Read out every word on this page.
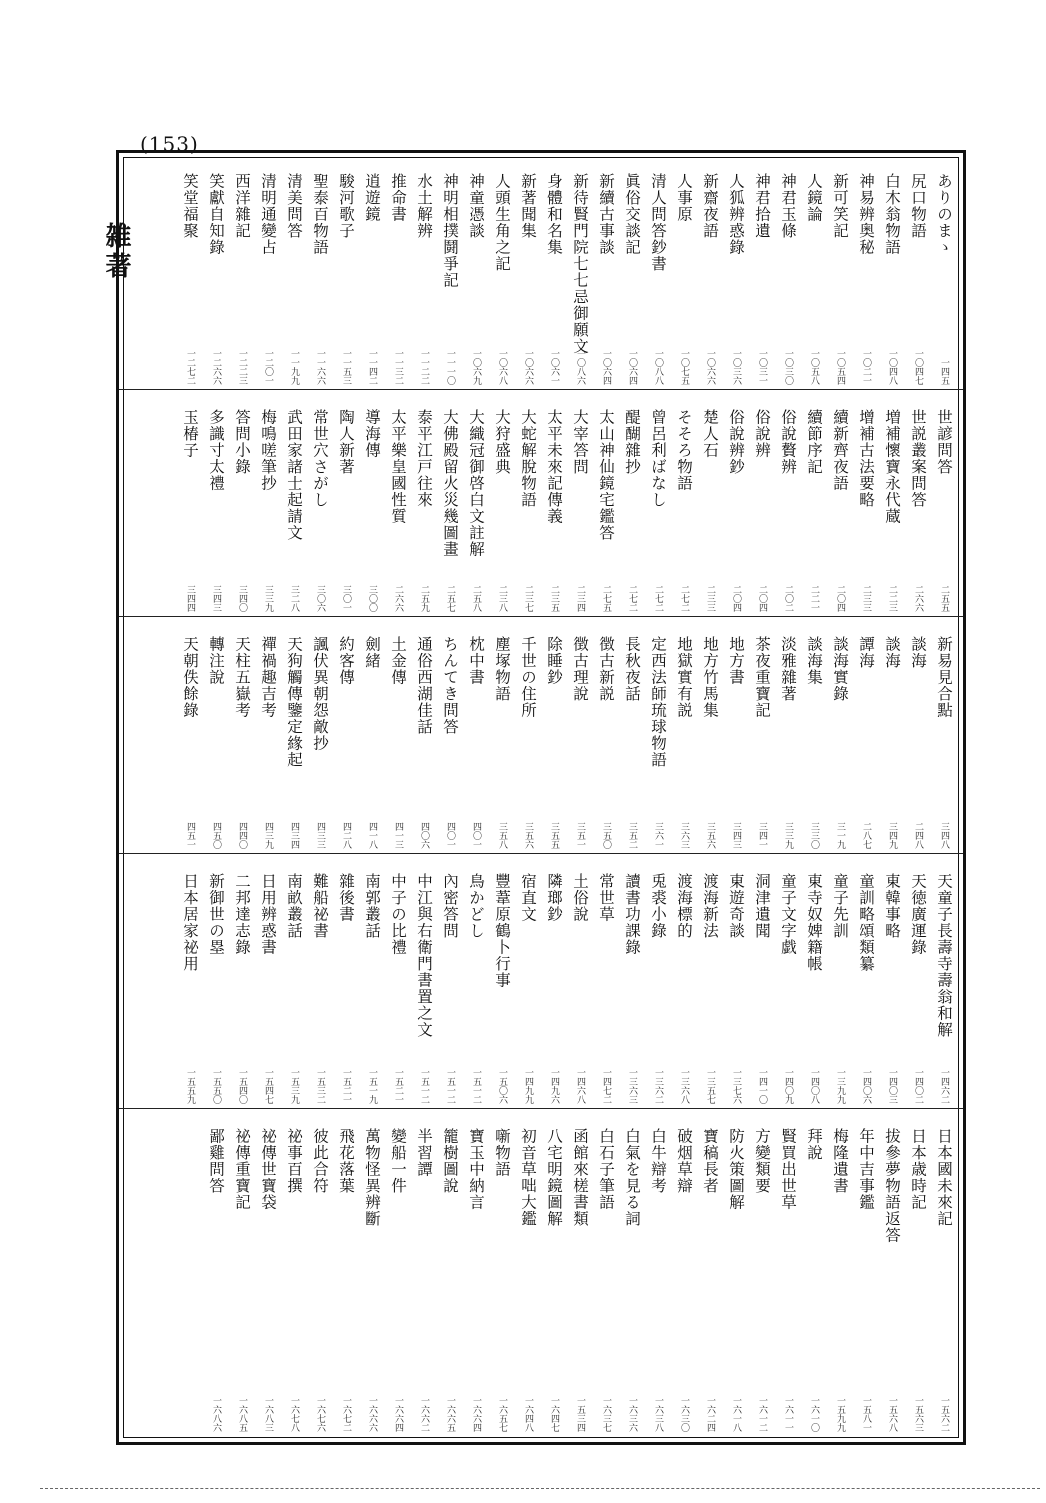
(153)
雑著	ありのまゝ
一四五
世諺問答
二五五
新易見合點
三四八
天童子長壽寺壽翁和解
一四六二
日本國未來記
一五六二
尻口物語
一〇四七
世説叢案問答
二六六
談海
二四八
天徳廣運錄
一四〇二
日本歳時記
一五六三
白木翁物語
一〇四八
増補懷寶永代蔵
二二三
談海
三四九
東韓事略
一四〇三
拔參夢物語返答
一五六八
神易辨奥秘
一〇二一
增補古法要略
二三三
譚海
二八七
童訓略頌類纂
一四〇六
年中吉事鑑
一五八一
新可笑記
一〇五四
續新齊夜語
二〇四
談海實錄
三一九
童子先訓
一三九九
梅隆遺書
一五九九
人鏡論
一〇五八
續節序記
二二一
談海集
三三〇
東寺奴婢籍帳
一四〇八
拜說
一六一〇
神君玉條
一〇三〇
俗說贅辨
二〇二
淡雅雜著
三三九
童子文字戯
一四〇九
賢買出世草
一六一一
神君拾遺
一〇三一
俗說辨
二〇四
茶夜重寶記
三四一
洞津遺聞
一四一〇
方變類要
一六一二
人狐辨惑錄
一〇三六
俗說辨鈔
二〇四
地方書
三四三
東遊奇談
一三七六
防火策圖解
一六一八
新齋夜語
一〇六六
楚人石
二三三
地方竹馬集
三五六
渡海新法
一三五七
寶稿長者
一六二四
人事原
一〇七五
そそろ物語
二七二
地獄實有説
三六三
渡海標的
一三六八
破烟草辯
一六三〇
清人問答鈔書
一〇八八
曾呂利ばなし
二七二
定西法師琉球物語
三六一
兎裘小錄
一三六二
白牛辯考
一六三八
眞俗交談記
一〇六四
醍醐雜抄
二七二
長秋夜話
三五二
讀書功課錄
一三六三
白氣を見る詞
一六三六
新續古事談
一〇六四
太山神仙鏡宅鑑答
二七五
徴古新説
三五〇
常世草
一四七二
白石子筆語
一六三七
新待賢門院七七忌御願文
一〇八六
大宰答問
二三四
徴古理說
三五一
土俗說
一四六八
函館來槎書類
一五三四
身體和名集
一〇六一
太平未來記傳義
二三五
除睡鈔
三五五
隣瑯鈔
一四九六
八宅明鏡圖解
一六四七
新著聞集
一〇六六
大蛇解脫物語
二三七
千世の住所
三五六
宿直文
一四九九
初音草咄大鑑
一六四八
人頭生角之記
一〇六八
大狩盛典
二三八
塵塚物語
三五八
豐葦原鶴卜行事
一五〇六
噺物語
一六五七
神童憑談
一〇六九
大織冠御啓白文註解
二五八
枕中書
四〇一
鳥かどし
一五一二
寶玉中納言
一六六四
神明相撲鬪爭記
一一一〇
大佛殿留火災幾圖畫
二五七
ちんてき問答
四〇一
內密答問
一五一二
籠樹圖說
一六六五
水土解辨
一一二二
泰平江戸往來
二五九
通俗西湖佳話
四〇六
中江與右衛門書置之文
一五一二
半習譚
一六六二
推命書
一一三二
太平樂皇國性質
二六六
土金傳
四一三
中子の比禮
一五二一
變船一件
一六六四
逍遊鏡
一一四二
導海傳
三〇〇
劍緒
四一八
南郭叢話
一五一九
萬物怪異辨斷
一六六六
駿河歌子
一一五三
陶人新著
三〇一
約客傳
四二八
雜後書
一五二一
飛花落葉
一六七二
聖泰百物語
一一六六
常世穴さがし
三〇六
諷伏異朝怨敵抄
四三三
難船祕書
一五三二
彼此合符
一六七六
清美問答
一一九九
武田家諸士起請文
三二八
天狗觸傳鑒定緣起
四三四
南畝叢話
一五三九
祕事百撰
一六七八
清明通變占
一二〇一
梅鳴嗟筆抄
三三九
禪禍趣吉考
四三九
日用辨惑書
一五四七
祕傳世寶袋
一六八三
西洋雜記
一二二三
答問小錄
三四〇
天柱五嶽考
四四〇
二邦達志錄
一五四〇
祕傳重寶記
一六八五
笑獻自知錄
一二六六
多識寸太禮
三四三
轉注說
四五〇
新御世の塁
一五五〇
鄙雞問答
一六八六
笑堂福聚
一二七二
玉椿子
三四四
天朝佚餘錄
四五一
日本居家祕用
一五五九
